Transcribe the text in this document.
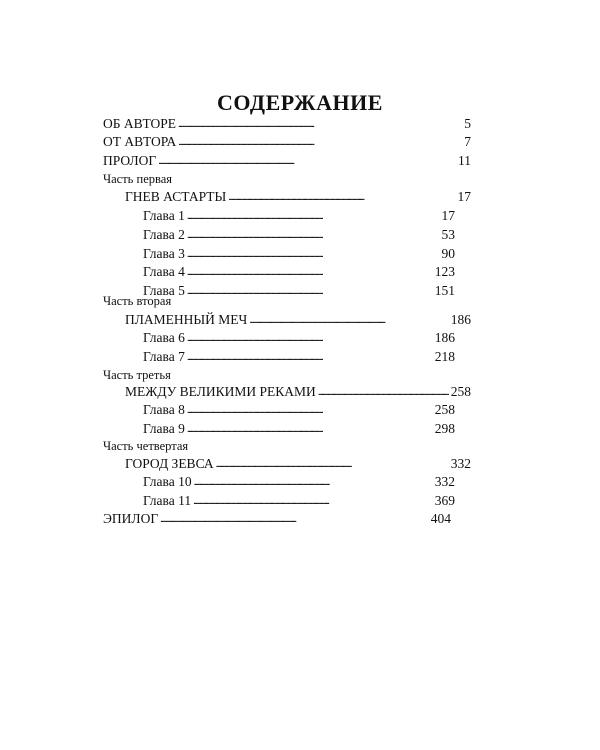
СОДЕРЖАНИЕ
ОБ АВТОРЕ . . .	5
ОТ АВТОРА . . .	7
ПРОЛОГ . . .	11
Часть первая
ГНЕВ АСТАРТЫ . . .	17
Глава 1 . . .	17
Глава 2 . . .	53
Глава 3 . . .	90
Глава 4 . . .	123
Глава 5 . . .	151
Часть вторая
ПЛАМЕННЫЙ МЕЧ . . .	186
Глава 6 . . .	186
Глава 7 . . .	218
Часть третья
МЕЖДУ ВЕЛИКИМИ РЕКАМИ . . .	258
Глава 8 . . .	258
Глава 9 . . .	298
Часть четвертая
ГОРОД ЗЕВСА . . .	332
Глава 10 . . .	332
Глава 11 . . .	369
ЭПИЛОГ . . .	404
